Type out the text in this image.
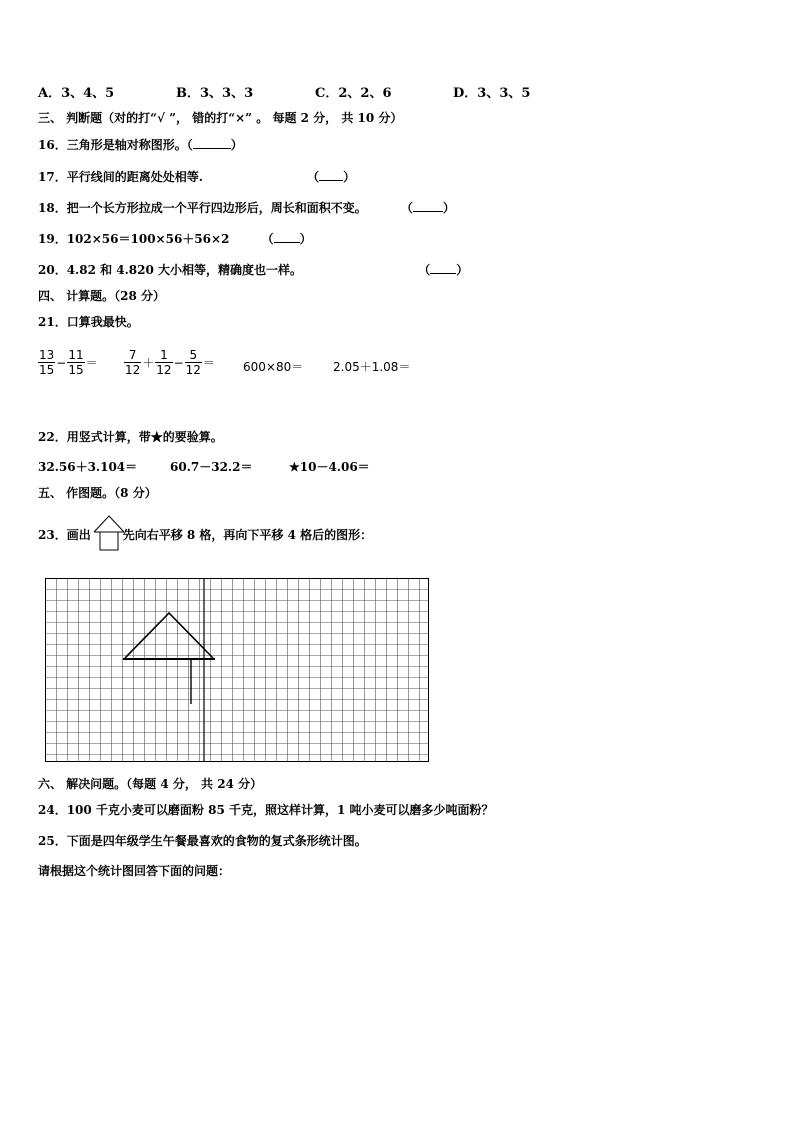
A．3、4、5	B．3、3、3	C．2、2、6	D．3、3、5
三、 判断题（对的打“√ ”， 错的打“×” 。 每题 2 分， 共 10 分）
16．三角形是轴对称图形。（	）
17．平行线间的距离处处相等.	（ ）
18．把一个长方形拉成一个平行四边形后，周长和面积不变。	（	）
19．102×56＝100×56＋56×2	（ ）
20．4.82 和 4.820 大小相等，精确度也一样。	（ ）
四、 计算题。（28 分）
21．口算我最快。
$\frac{13}{15} - \frac{11}{15} = \frac{7}{12} + \frac{1}{12} - \frac{5}{12} = 600\times 80= 2.05+1.08=$
22．用竖式计算，带★的要验算。
32.56＋3.104＝	60.7－32.2＝	★10－4.06＝
五、 作图题。（8 分）
23．画出	先向右平移 8 格，再向下平移 4 格后的图形：
六、 解决问题。（每题 4 分， 共 24 分）
24．100 千克小麦可以磨面粉 85 千克，照这样计算，1 吨小麦可以磨多少吨面粉？
25．下面是四年级学生午餐最喜欢的食物的复式条形统计图。
请根据这个统计图回答下面的问题：
